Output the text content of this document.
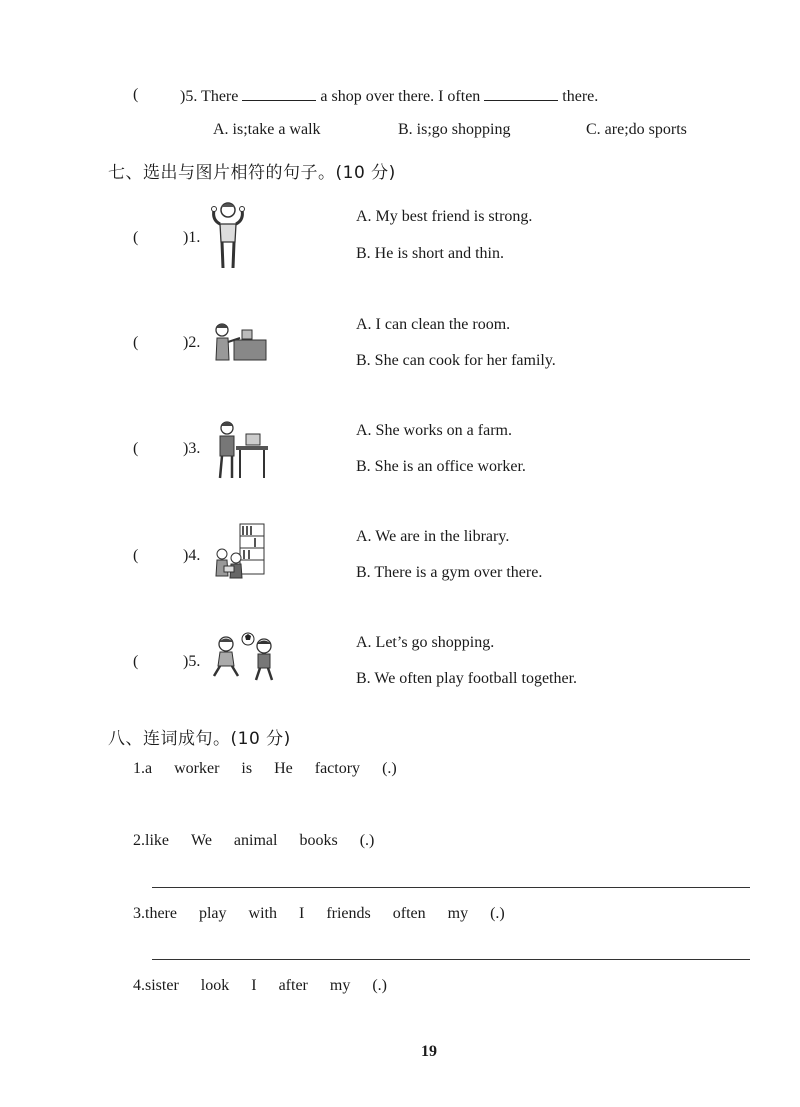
(	)5. There	a shop over there. I often	there.
A. is;take a walk	B. is;go shopping	C. are;do sports
七、选出与图片相符的句子。(10 分)
(	)1.
A. My best friend is strong.
B. He is short and thin.
(	)2.
A. I can clean the room.
B. She can cook for her family.
(	)3.
A. She works on a farm.
B. She is an office worker.
(	)4.
A. We are in the library.
B. There is a gym over there.
(	)5.
A. Let’s go shopping.
B. We often play football together.
八、连词成句。(10 分)
1.a worker is He factory (.)
2.like We animal books (.)
3.there play with I friends often my (.)
4.sister look I after my (.)
19
